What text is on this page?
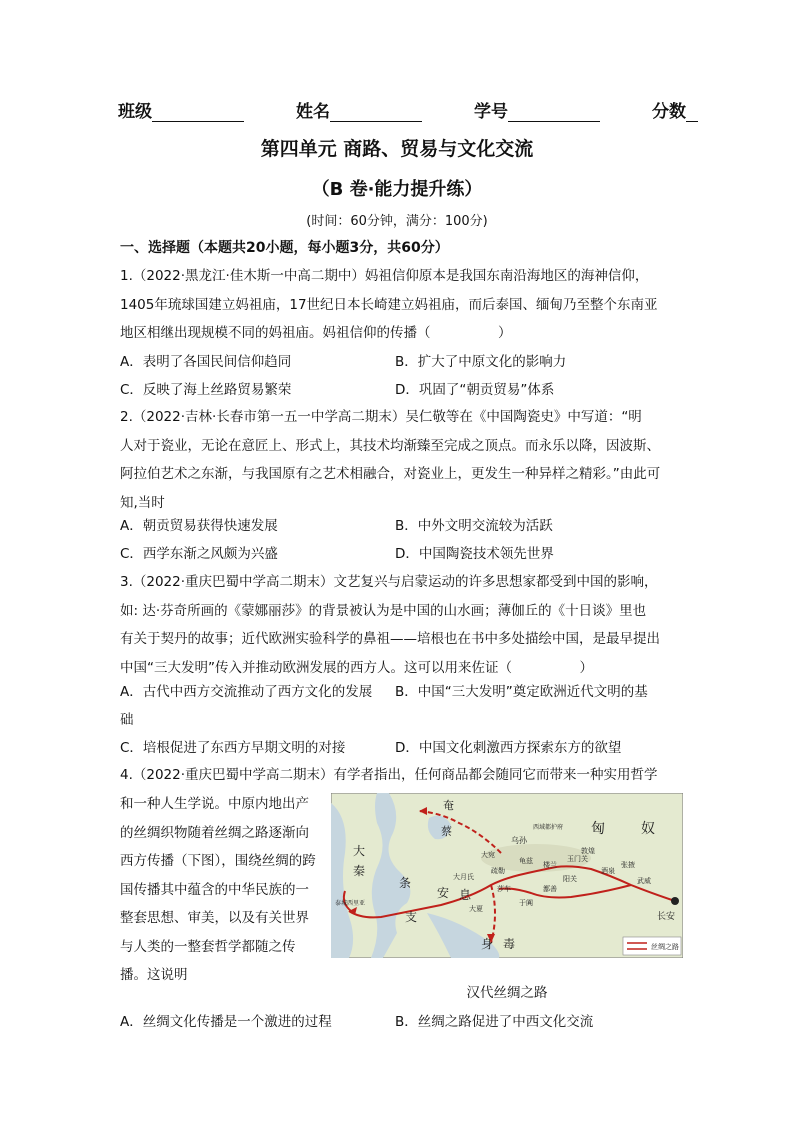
班级	姓名	学号	分数
第四单元 商路、贸易与文化交流
（B 卷·能力提升练）
(时间：60分钟，满分：100分)
一、选择题（本题共20小题，每小题3分，共60分）

1.（2022·黑龙江·佳木斯一中高二期中）妈祖信仰原本是我国东南沿海地区的海神信仰，

1405年琉球国建立妈祖庙，17世纪日本长崎建立妈祖庙，而后泰国、缅甸乃至整个东南亚

地区相继出现规模不同的妈祖庙。妈祖信仰的传播（　　　　　）

A．表明了各国民间信仰趋同	B．扩大了中原文化的影响力
C．反映了海上丝路贸易繁荣	D．巩固了“朝贡贸易”体系

2.（2022·吉林·长春市第一五一中学高二期末）吴仁敬等在《中国陶瓷史》中写道：“明

人对于瓷业，无论在意匠上、形式上，其技术均渐臻至完成之顶点。而永乐以降，因波斯、

阿拉伯艺术之东渐，与我国原有之艺术相融合，对瓷业上，更发生一种异样之精彩。”由此可

知,当时

A．朝贡贸易获得快速发展	B．中外文明交流较为活跃
C．西学东渐之风颇为兴盛	D．中国陶瓷技术领先世界

3.（2022·重庆巴蜀中学高二期末）文艺复兴与启蒙运动的许多思想家都受到中国的影响，

如: 达·芬奇所画的《蒙娜丽莎》的背景被认为是中国的山水画；薄伽丘的《十日谈》里也

有关于契丹的故事；近代欧洲实验科学的鼻祖——培根也在书中多处描绘中国，是最早提出

中国“三大发明”传入并推动欧洲发展的西方人。这可以用来佐证（　　　　　）

A．古代中西方交流推动了西方文化的发展 B．中国“三大发明”奠定欧洲近代文明的基
础
C．培根促进了东西方早期文明的对接	D．中国文化刺激西方探索东方的欲望

4.（2022·重庆巴蜀中学高二期末）有学者指出，任何商品都会随同它而带来一种实用哲学

和一种人生学说。中原内地出产

的丝绸织物随着丝绸之路逐渐向

西方传播（下图），围绕丝绸的跨

国传播其中蕴含的中华民族的一

整套思想、审美，以及有关世界

与人类的一整套哲学都随之传

播。这说明

匈	奴
奄
蔡
大
秦
条
支
安 息
身 毒
长安
敦煌
玉门关
酒泉
张掖
武威
阳关
楼兰
鄯善
龟兹
疏勒
莎车
于阗
大宛
大月氏
大夏
乌孙
西域都护府
泰城西里亚
丝绸之路
汉代丝绸之路
A．丝绸文化传播是一个激进的过程	B．丝绸之路促进了中西文化交流
